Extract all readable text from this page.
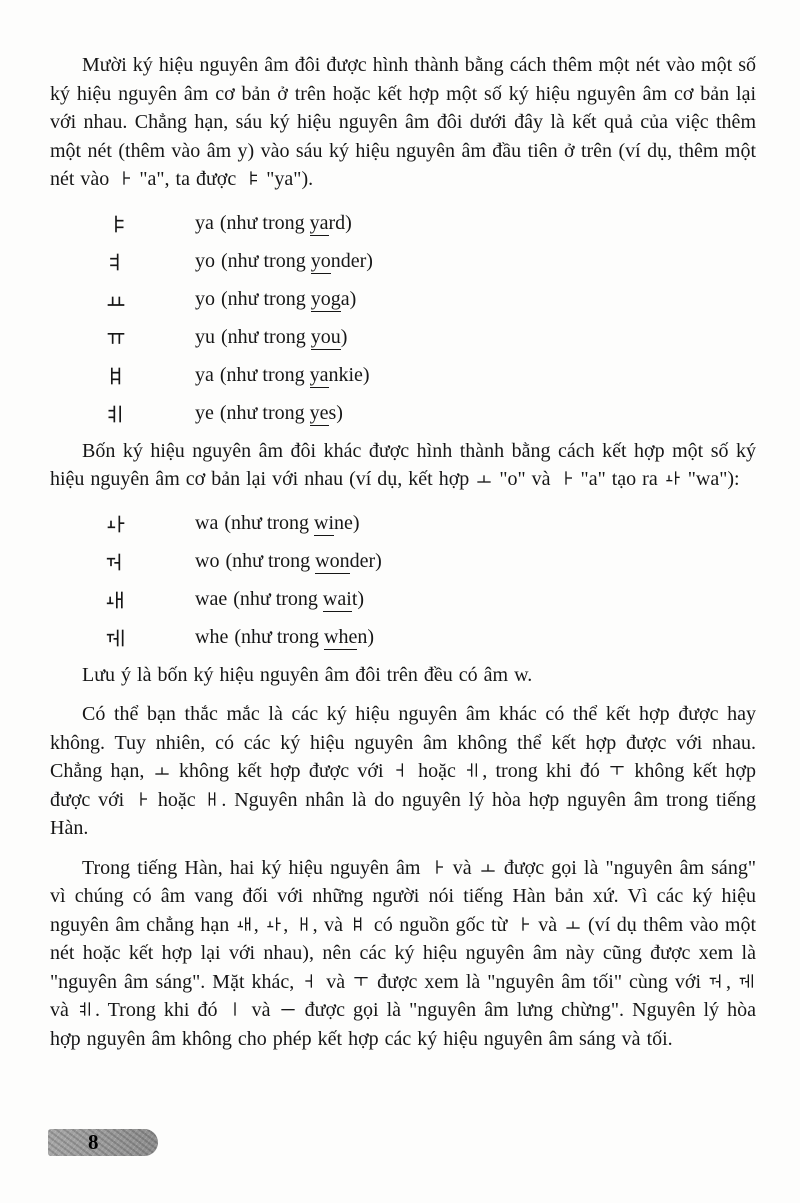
Mười ký hiệu nguyên âm đôi được hình thành bằng cách thêm một nét vào một số ký hiệu nguyên âm cơ bản ở trên hoặc kết hợp một số ký hiệu nguyên âm cơ bản lại với nhau. Chẳng hạn, sáu ký hiệu nguyên âm đôi dưới đây là kết quả của việc thêm một nét (thêm vào âm y) vào sáu ký hiệu nguyên âm đầu tiên ở trên (ví dụ, thêm một nét vào
"a", ta được
"ya").

ya (như trong yard)
yo (như trong yonder)
yo (như trong yoga)
yu (như trong you)
ya (như trong yankie)
ye (như trong yes)

Bốn ký hiệu nguyên âm đôi khác được hình thành bằng cách kết hợp một số ký hiệu nguyên âm cơ bản lại với nhau (ví dụ, kết hợp
"o" và
"a" tạo ra
"wa"):

wa (như trong wine)
wo (như trong wonder)
wae (như trong wait)
whe (như trong when)

Lưu ý là bốn ký hiệu nguyên âm đôi trên đều có âm w.

Có thể bạn thắc mắc là các ký hiệu nguyên âm khác có thể kết hợp được hay không. Tuy nhiên, có các ký hiệu nguyên âm không thể kết hợp được với nhau. Chẳng hạn,
không kết hợp được với
hoặc
, trong khi đó
không kết hợp được với
hoặc
. Nguyên nhân là do nguyên lý hòa hợp nguyên âm trong tiếng Hàn.

Trong tiếng Hàn, hai ký hiệu nguyên âm
và
được gọi là "nguyên âm sáng" vì chúng có âm vang đối với những người nói tiếng Hàn bản xứ. Vì các ký hiệu nguyên âm chẳng hạn
,
,
, và
có nguồn gốc từ
và
(ví dụ thêm vào một nét hoặc kết hợp lại với nhau), nên các ký hiệu nguyên âm này cũng được xem là "nguyên âm sáng". Mặt khác,
và
được xem là "nguyên âm tối" cùng với
,
và
. Trong khi đó
và
được gọi là "nguyên âm lưng chừng". Nguyên lý hòa hợp nguyên âm không cho phép kết hợp các ký hiệu nguyên âm sáng và tối.

8
